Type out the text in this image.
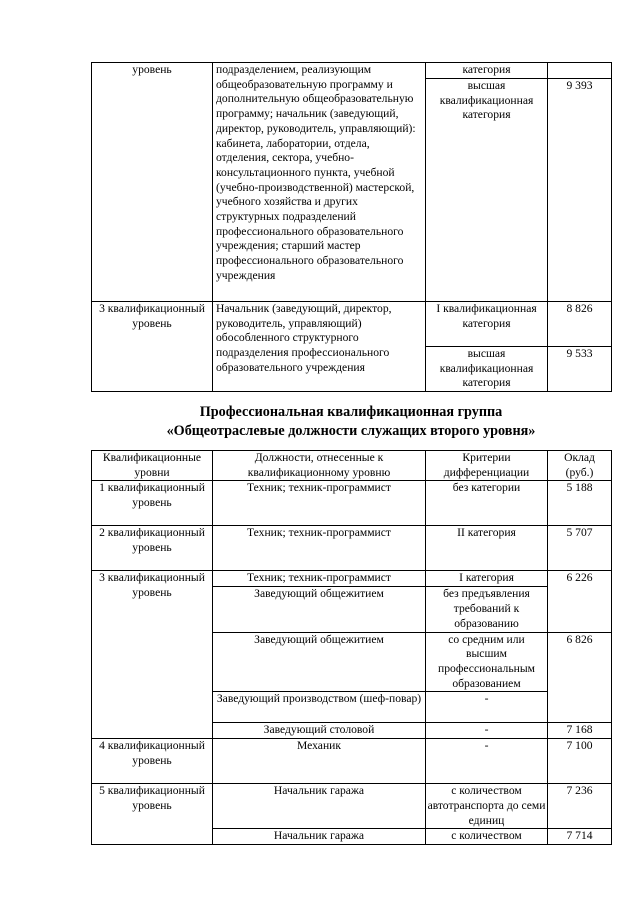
уровень	подразделением, реализующим общеобразовательную программу и дополнительную общеобразовательную программу; начальник (заведующий, директор, руководитель, управляющий): кабинета, лаборатории, отдела, отделения, сектора, учебно-консультационного пункта, учебной (учебно-производственной) мастерской, учебного хозяйства и других структурных подразделений профессионального образовательного учреждения; старший мастер профессионального образовательного учреждения	категория	
		высшая квалификационная категория	9 393
3 квалификационный уровень	Начальник (заведующий, директор, руководитель, управляющий) обособленного структурного подразделения профессионального образовательного учреждения	I квалификационная категория	8 826
		высшая квалификационная категория	9 533

Профессиональная квалификационная группа

«Общеотраслевые должности служащих второго уровня»

Квалификационные уровни	Должности, отнесенные к квалификационному уровню	Критерии дифференциации	Оклад (руб.)
1 квалификационный уровень	Техник; техник-программист	без категории	5 188
2 квалификационный уровень	Техник; техник-программист	II категория	5 707
3 квалификационный уровень	Техник; техник-программист	I категория	6 226
	Заведующий общежитием	без предъявления требований к образованию	
	Заведующий общежитием	со средним или высшим профессиональным образованием	6 826
	Заведующий производством (шеф-повар)	-	
	Заведующий столовой	-	7 168
4 квалификационный уровень	Механик	-	7 100
5 квалификационный уровень	Начальник гаража	с количеством автотранспорта до семи единиц	7 236
	Начальник гаража	с количеством	7 714
